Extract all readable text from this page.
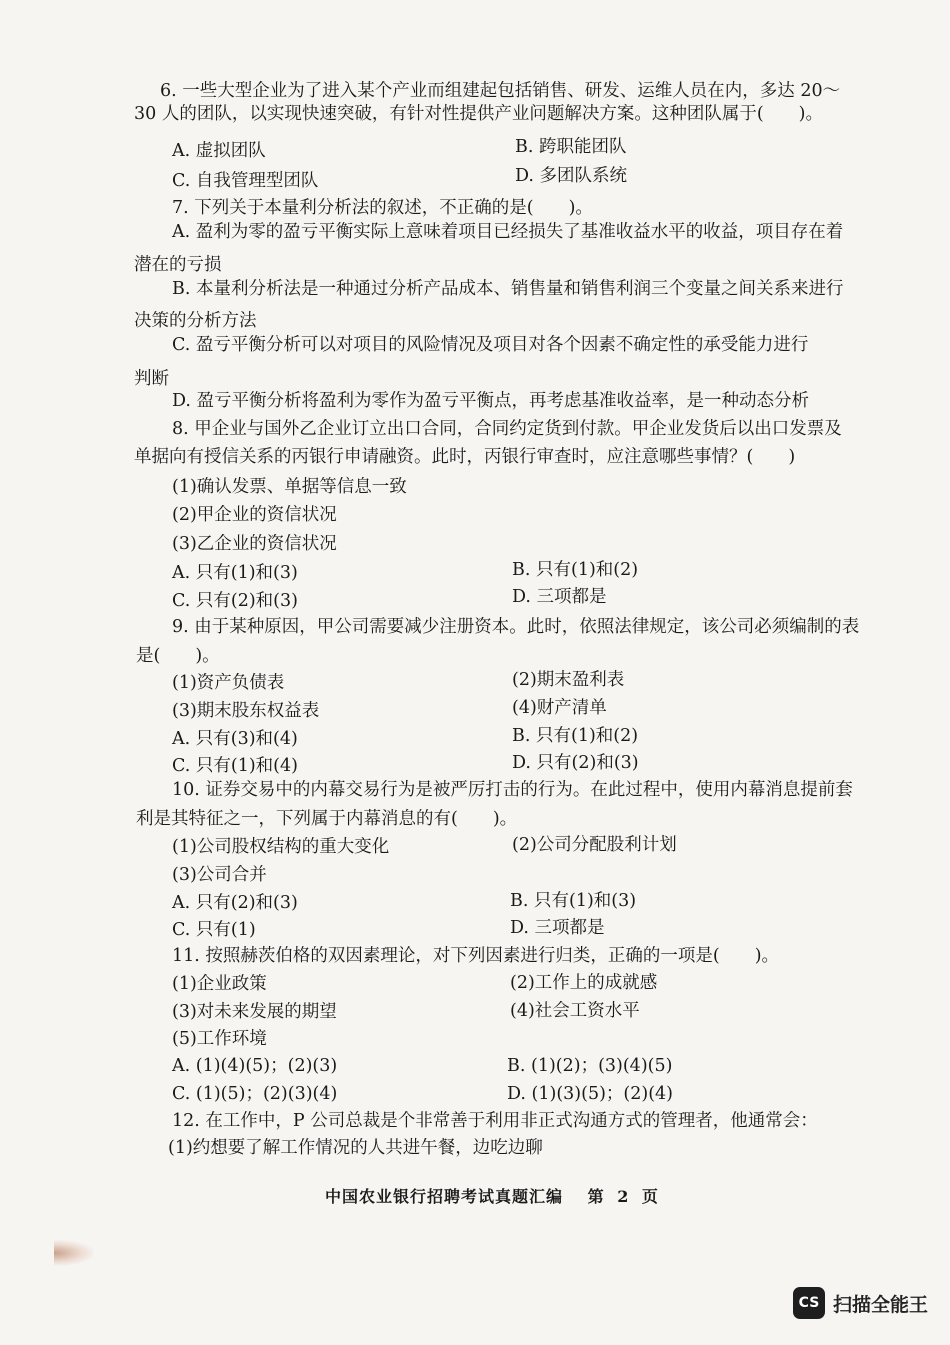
6. 一些大型企业为了进入某个产业而组建起包括销售、研发、运维人员在内，多达 20～
30 人的团队，以实现快速突破，有针对性提供产业问题解决方案。这种团队属于(　　)。
A. 虚拟团队	B. 跨职能团队
C. 自我管理型团队	D. 多团队系统
7. 下列关于本量利分析法的叙述，不正确的是(　　)。
A. 盈利为零的盈亏平衡实际上意味着项目已经损失了基准收益水平的收益，项目存在着
潜在的亏损
B. 本量利分析法是一种通过分析产品成本、销售量和销售利润三个变量之间关系来进行
决策的分析方法
C. 盈亏平衡分析可以对项目的风险情况及项目对各个因素不确定性的承受能力进行
判断
D. 盈亏平衡分析将盈利为零作为盈亏平衡点，再考虑基准收益率，是一种动态分析
8. 甲企业与国外乙企业订立出口合同，合同约定货到付款。甲企业发货后以出口发票及
单据向有授信关系的丙银行申请融资。此时，丙银行审查时，应注意哪些事情？(　　)
(1)确认发票、单据等信息一致
(2)甲企业的资信状况
(3)乙企业的资信状况
A. 只有(1)和(3)	B. 只有(1)和(2)
C. 只有(2)和(3)	D. 三项都是
9. 由于某种原因，甲公司需要减少注册资本。此时，依照法律规定，该公司必须编制的表
是(　　)。
(1)资产负债表	(2)期末盈利表
(3)期末股东权益表	(4)财产清单
A. 只有(3)和(4)	B. 只有(1)和(2)
C. 只有(1)和(4)	D. 只有(2)和(3)
10. 证券交易中的内幕交易行为是被严厉打击的行为。在此过程中，使用内幕消息提前套
利是其特征之一，下列属于内幕消息的有(　　)。
(1)公司股权结构的重大变化	(2)公司分配股利计划
(3)公司合并
A. 只有(2)和(3)	B. 只有(1)和(3)
C. 只有(1)	D. 三项都是
11. 按照赫茨伯格的双因素理论，对下列因素进行归类，正确的一项是(　　)。
(1)企业政策	(2)工作上的成就感
(3)对未来发展的期望	(4)社会工资水平
(5)工作环境
A. (1)(4)(5)；(2)(3)	B. (1)(2)；(3)(4)(5)
C. (1)(5)；(2)(3)(4)	D. (1)(3)(5)；(2)(4)
12. 在工作中，P 公司总裁是个非常善于利用非正式沟通方式的管理者，他通常会：
(1)约想要了解工作情况的人共进午餐，边吃边聊
中国农业银行招聘考试真题汇编 第 2 页
CS 扫描全能王
